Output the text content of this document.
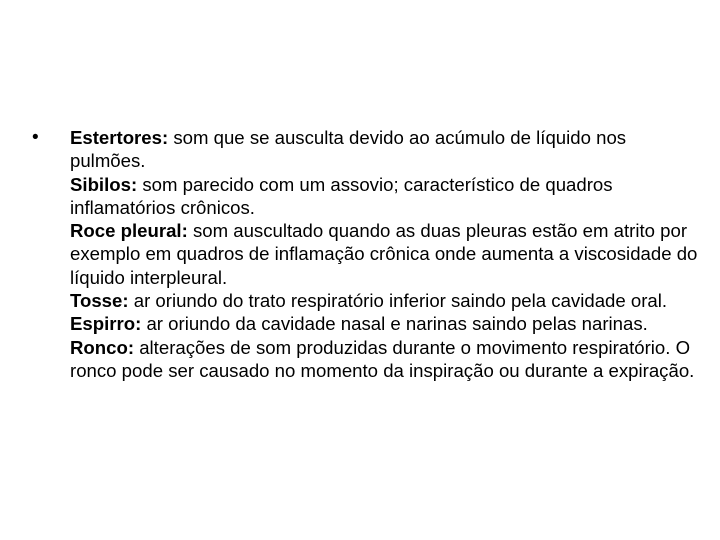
• Estertores: som que se ausculta devido ao acúmulo de líquido nos pulmões.

Sibilos: som parecido com um assovio; característico de quadros inflamatórios crônicos.

Roce pleural: som auscultado quando as duas pleuras estão em atrito por exemplo em quadros de inflamação crônica onde aumenta a viscosidade do líquido interpleural.

Tosse: ar oriundo do trato respiratório inferior saindo pela cavidade oral.

Espirro: ar oriundo da cavidade nasal e narinas saindo pelas narinas.

Ronco: alterações de som produzidas durante o movimento respiratório. O ronco pode ser causado no momento da inspiração ou durante a expiração.
